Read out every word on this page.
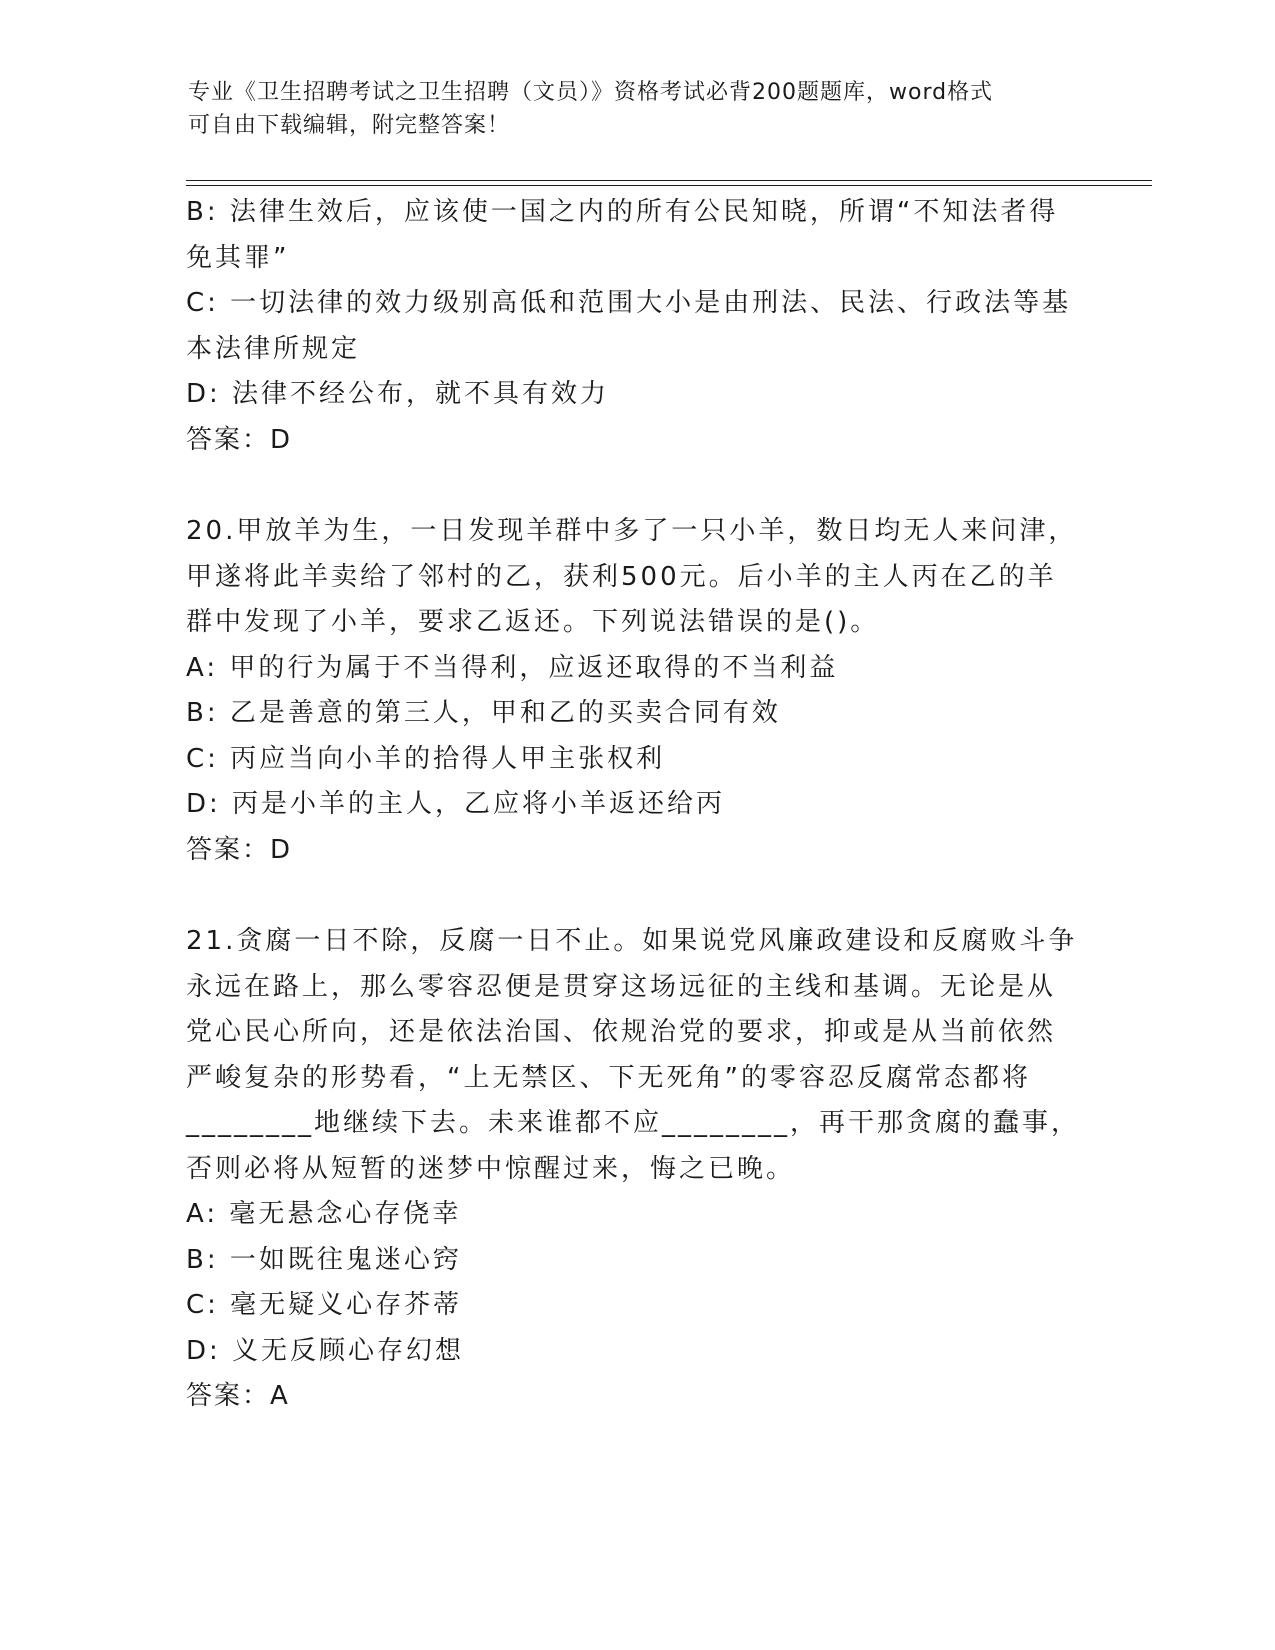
专业《卫生招聘考试之卫生招聘（文员）》资格考试必背200题题库，word格式
可自由下载编辑，附完整答案！
B: 法律生效后，应该使一国之内的所有公民知晓，所谓“不知法者得
免其罪”
C: 一切法律的效力级别高低和范围大小是由刑法、民法、行政法等基
本法律所规定
D: 法律不经公布，就不具有效力
答案：D
20.甲放羊为生，一日发现羊群中多了一只小羊，数日均无人来问津，
甲遂将此羊卖给了邻村的乙，获利500元。后小羊的主人丙在乙的羊
群中发现了小羊，要求乙返还。下列说法错误的是()。
A: 甲的行为属于不当得利，应返还取得的不当利益
B: 乙是善意的第三人，甲和乙的买卖合同有效
C: 丙应当向小羊的拾得人甲主张权利
D: 丙是小羊的主人，乙应将小羊返还给丙
答案：D
21.贪腐一日不除，反腐一日不止。如果说党风廉政建设和反腐败斗争
永远在路上，那么零容忍便是贯穿这场远征的主线和基调。无论是从
党心民心所向，还是依法治国、依规治党的要求，抑或是从当前依然
严峻复杂的形势看，“上无禁区、下无死角”的零容忍反腐常态都将
________地继续下去。未来谁都不应________，再干那贪腐的蠢事，
否则必将从短暂的迷梦中惊醒过来，悔之已晚。
A: 毫无悬念心存侥幸
B: 一如既往鬼迷心窍
C: 毫无疑义心存芥蒂
D: 义无反顾心存幻想
答案：A
